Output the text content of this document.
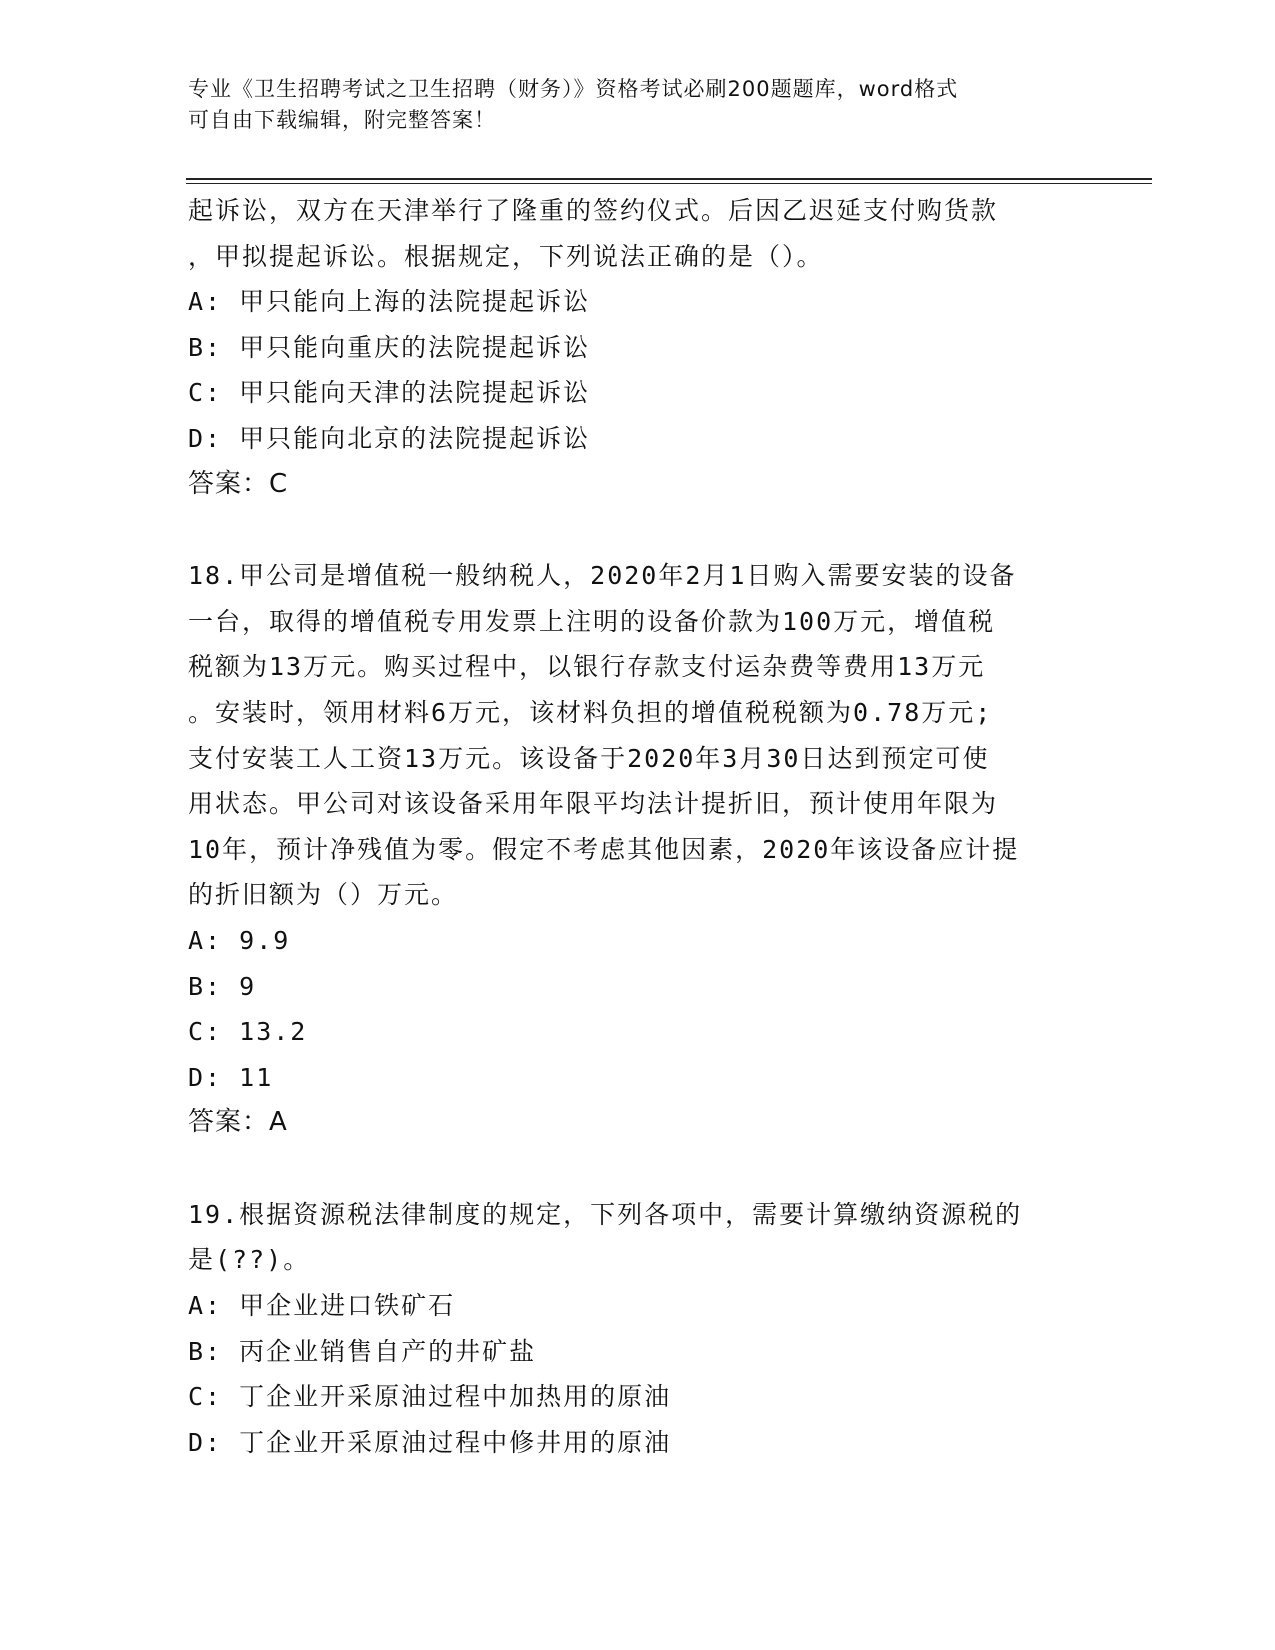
专业《卫生招聘考试之卫生招聘（财务）》资格考试必刷200题题库，word格式
可自由下载编辑，附完整答案！
起诉讼，双方在天津举行了隆重的签约仪式。后因乙迟延支付购货款
，甲拟提起诉讼。根据规定，下列说法正确的是（）。
A: 甲只能向上海的法院提起诉讼
B: 甲只能向重庆的法院提起诉讼
C: 甲只能向天津的法院提起诉讼
D: 甲只能向北京的法院提起诉讼
答案：C
18.甲公司是增值税一般纳税人，2020年2月1日购入需要安装的设备
一台，取得的增值税专用发票上注明的设备价款为100万元，增值税
税额为13万元。购买过程中，以银行存款支付运杂费等费用13万元
。安装时，领用材料6万元，该材料负担的增值税税额为0.78万元;
支付安装工人工资13万元。该设备于2020年3月30日达到预定可使
用状态。甲公司对该设备采用年限平均法计提折旧，预计使用年限为
10年，预计净残值为零。假定不考虑其他因素，2020年该设备应计提
的折旧额为（）万元。
A: 9.9
B: 9
C: 13.2
D: 11
答案：A
19.根据资源税法律制度的规定，下列各项中，需要计算缴纳资源税的
是(??)。
A: 甲企业进口铁矿石
B: 丙企业销售自产的井矿盐
C: 丁企业开采原油过程中加热用的原油
D: 丁企业开采原油过程中修井用的原油
